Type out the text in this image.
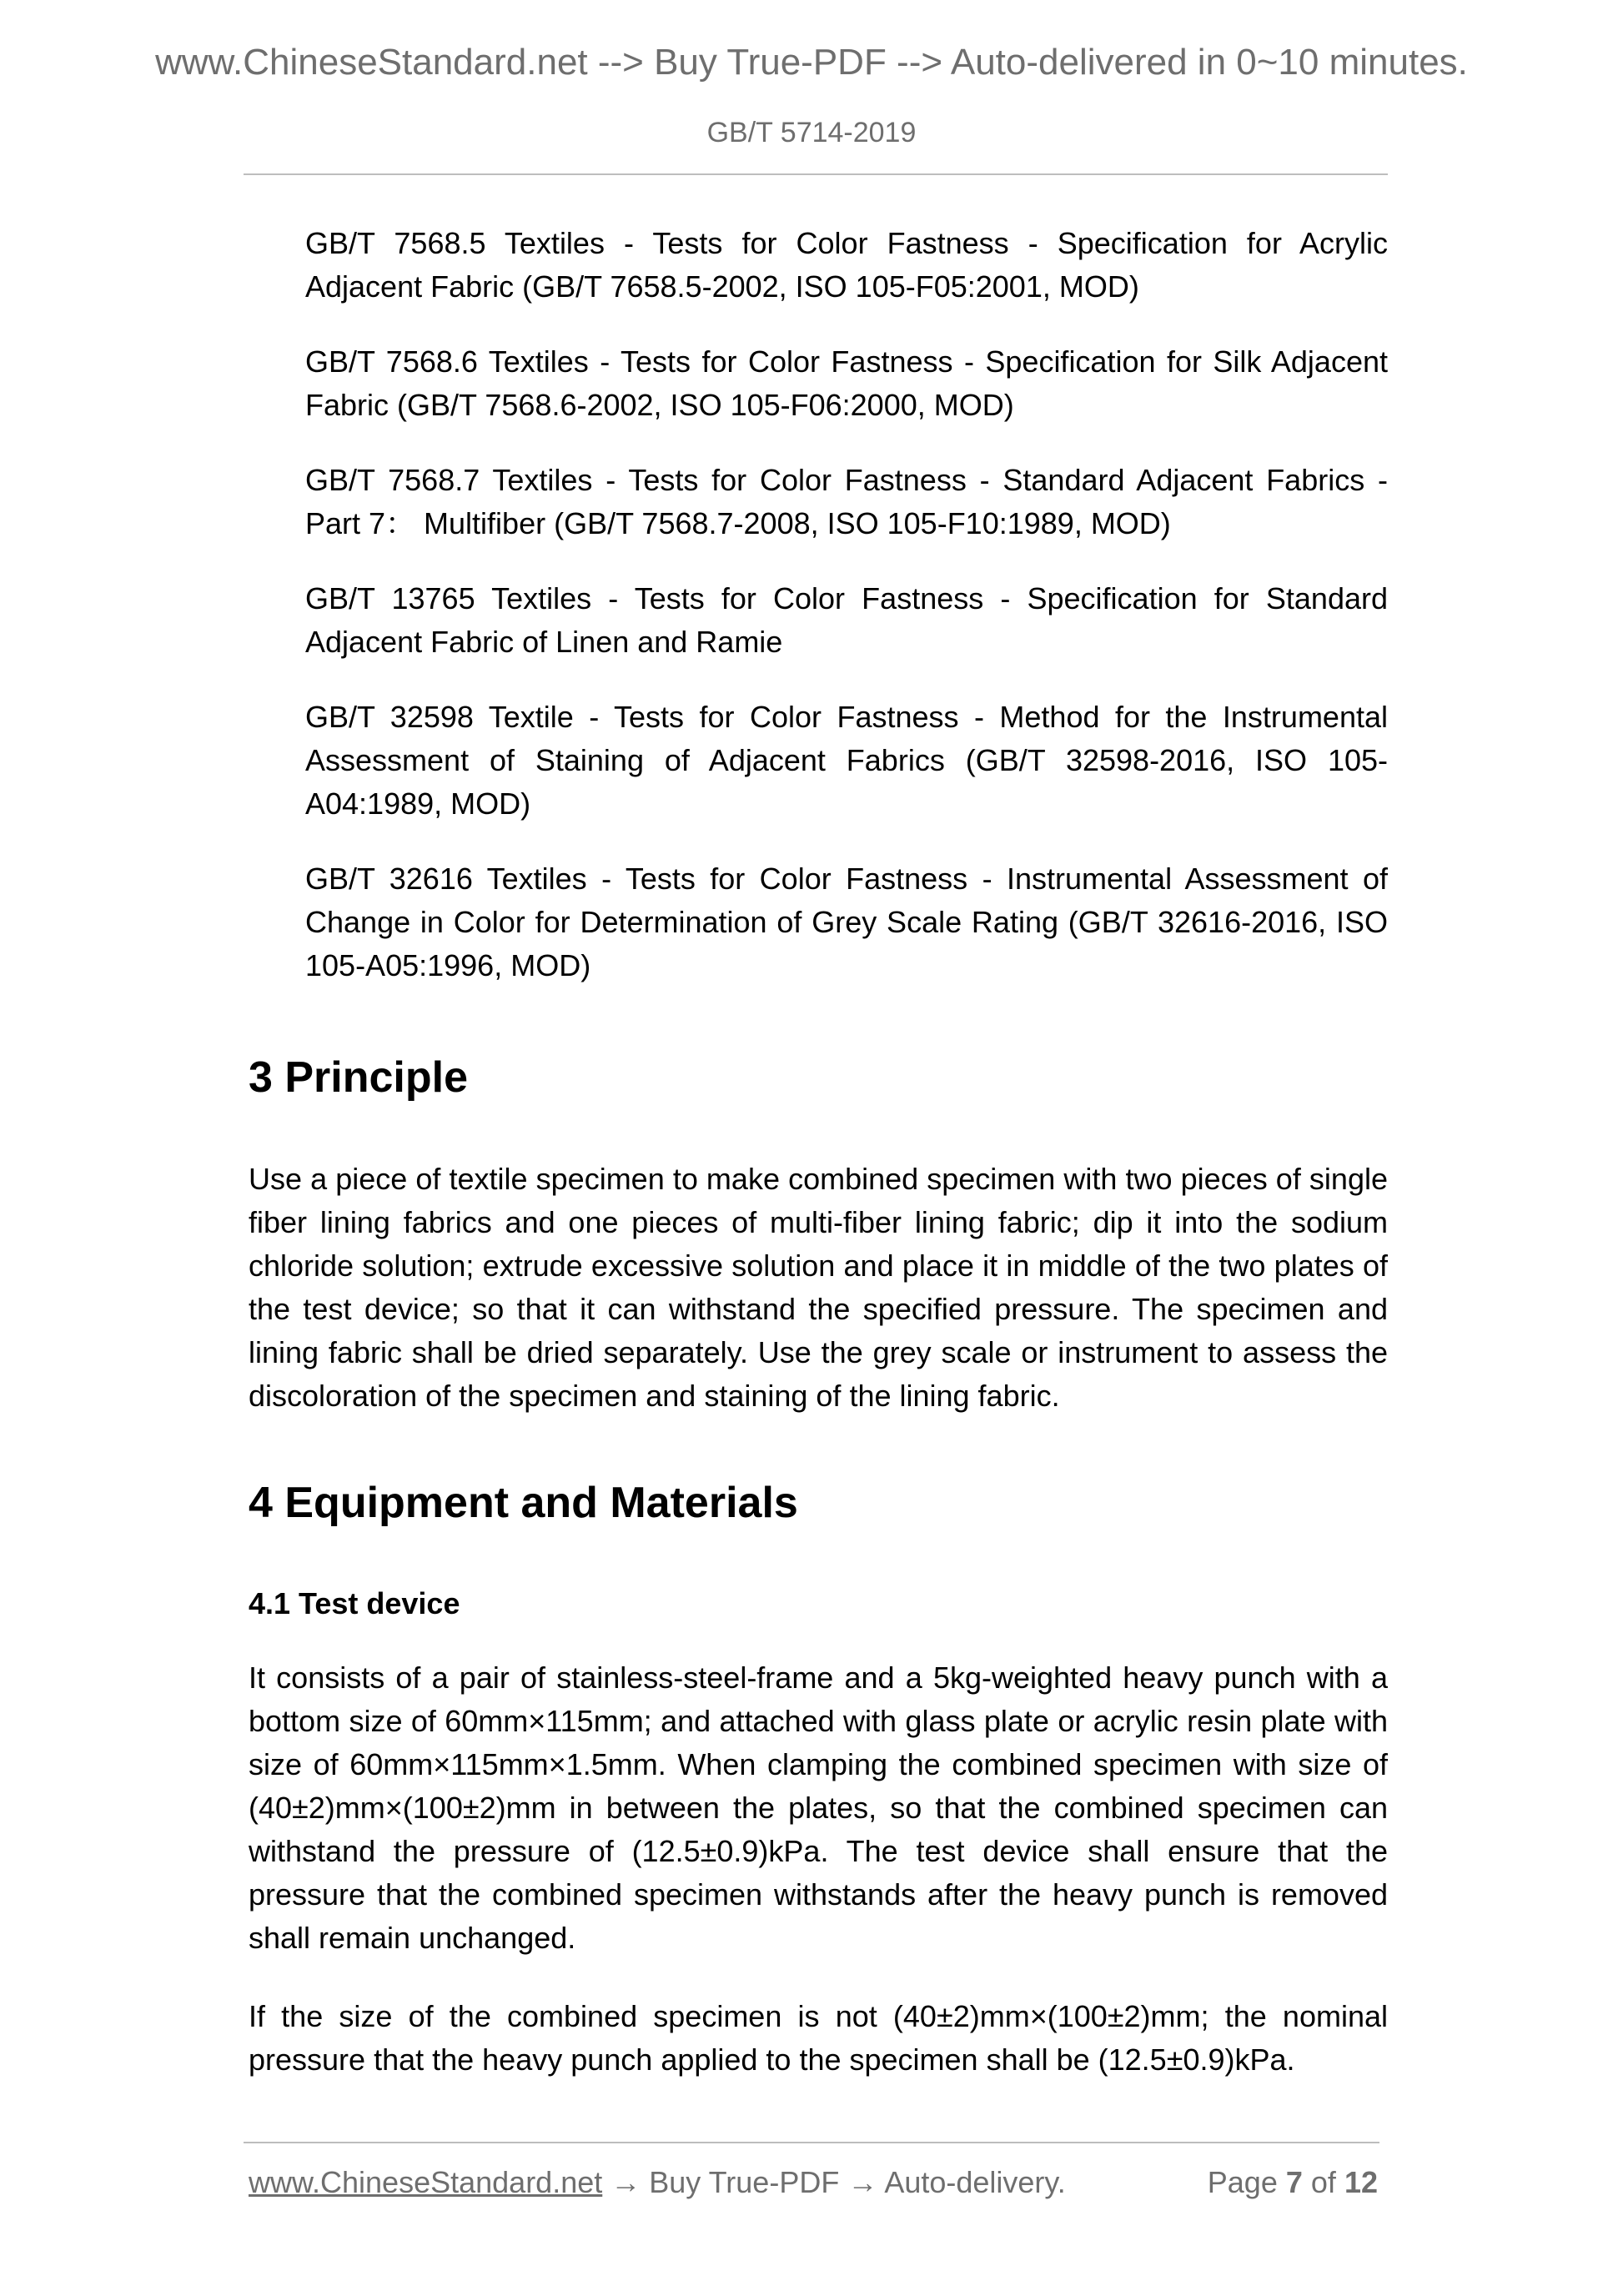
www.ChineseStandard.net --> Buy True-PDF --> Auto-delivered in 0~10 minutes.
GB/T 5714-2019

GB/T 7568.5 Textiles - Tests for Color Fastness - Specification for Acrylic Adjacent Fabric (GB/T 7658.5-2002, ISO 105-F05:2001, MOD)

GB/T 7568.6 Textiles - Tests for Color Fastness - Specification for Silk Adjacent Fabric (GB/T 7568.6-2002, ISO 105-F06:2000, MOD)

GB/T 7568.7 Textiles - Tests for Color Fastness - Standard Adjacent Fabrics - Part 7： Multifiber (GB/T 7568.7-2008, ISO 105-F10:1989, MOD)

GB/T 13765 Textiles - Tests for Color Fastness - Specification for Standard Adjacent Fabric of Linen and Ramie

GB/T 32598 Textile - Tests for Color Fastness - Method for the Instrumental Assessment of Staining of Adjacent Fabrics (GB/T 32598-2016, ISO 105-A04:1989, MOD)

GB/T 32616 Textiles - Tests for Color Fastness - Instrumental Assessment of Change in Color for Determination of Grey Scale Rating (GB/T 32616-2016, ISO 105-A05:1996, MOD)

3 Principle

Use a piece of textile specimen to make combined specimen with two pieces of single fiber lining fabrics and one pieces of multi-fiber lining fabric; dip it into the sodium chloride solution; extrude excessive solution and place it in middle of the two plates of the test device; so that it can withstand the specified pressure. The specimen and lining fabric shall be dried separately. Use the grey scale or instrument to assess the discoloration of the specimen and staining of the lining fabric.

4 Equipment and Materials
4.1 Test device

It consists of a pair of stainless-steel-frame and a 5kg-weighted heavy punch with a bottom size of 60mm×115mm; and attached with glass plate or acrylic resin plate with size of 60mm×115mm×1.5mm. When clamping the combined specimen with size of (40±2)mm×(100±2)mm in between the plates, so that the combined specimen can withstand the pressure of (12.5±0.9)kPa. The test device shall ensure that the pressure that the combined specimen withstands after the heavy punch is removed shall remain unchanged.

If the size of the combined specimen is not (40±2)mm×(100±2)mm; the nominal pressure that the heavy punch applied to the specimen shall be (12.5±0.9)kPa.

www.ChineseStandard.net → Buy True-PDF → Auto-delivery.	Page 7 of 12
